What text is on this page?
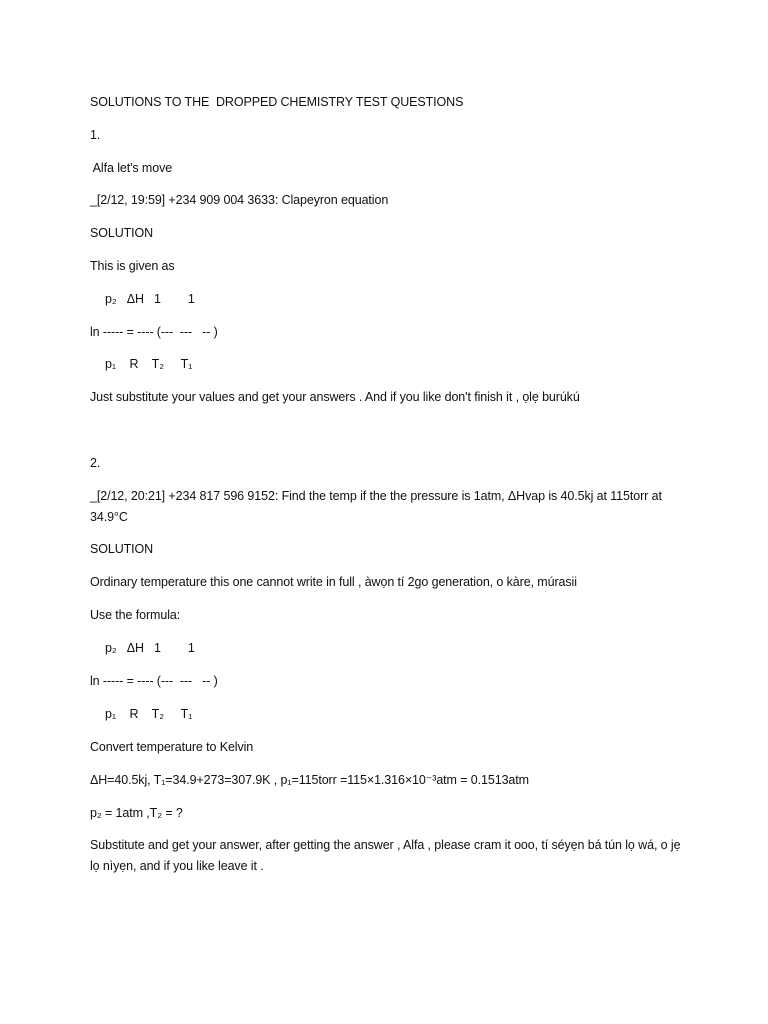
SOLUTIONS TO THE  DROPPED CHEMISTRY TEST QUESTIONS
1.
Alfa let's move
_[2/12, 19:59] +234 909 004 3633: Clapeyron equation
SOLUTION
This is given as
p₂   ΔH   1        1
ln ----- = ---- (---  ---   -- )
p₁    R    T₂     T₁
Just substitute your values and get your answers . And if you like don't finish it , ọlẹ burúkú
2.
_[2/12, 20:21] +234 817 596 9152: Find the temp if the the pressure is 1atm, ΔHvap is 40.5kj at 115torr at 34.9°C
SOLUTION
Ordinary temperature this one cannot write in full , àwọn tí 2go generation, o kàre, múrasii
Use the formula:
p₂   ΔH   1        1
ln ----- = ---- (---  ---   -- )
p₁    R    T₂     T₁
Convert temperature to Kelvin
ΔH=40.5kj, T₁=34.9+273=307.9K , p₁=115torr =115×1.316×10⁻³atm = 0.1513atm
p₂ = 1atm ,T₂ = ?
Substitute and get your answer, after getting the answer , Alfa , please cram it ooo, tí séyẹn bá tún lọ wá, o jẹ lọ nìyẹn, and if you like leave it .
